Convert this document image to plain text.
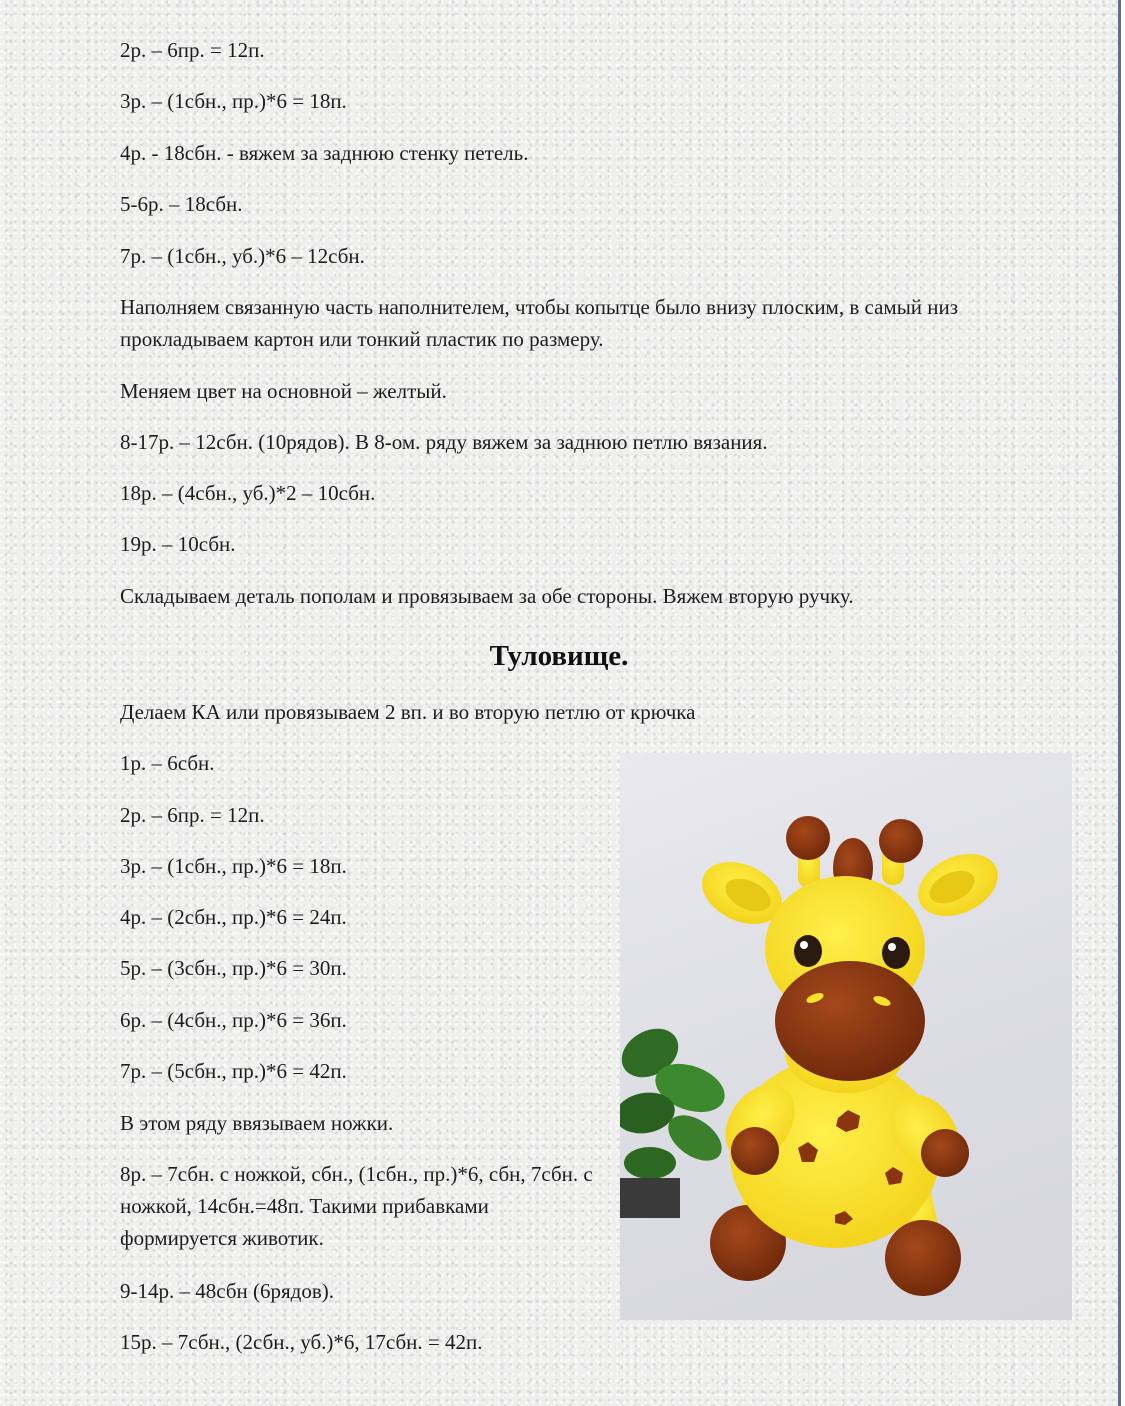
2р. – 6пр. = 12п.

3р. – (1сбн., пр.)*6 = 18п.

4р. - 18сбн. - вяжем за заднюю стенку петель.

5-6р. – 18сбн.

7р. – (1сбн., уб.)*6 – 12сбн.

Наполняем связанную часть наполнителем, чтобы копытце было внизу плоским, в самый низ прокладываем картон или тонкий пластик по размеру.

Меняем цвет на основной – желтый.

8-17р. – 12сбн. (10рядов). В 8-ом. ряду вяжем за заднюю петлю вязания.

18р. – (4сбн., уб.)*2 – 10сбн.

19р. – 10сбн.

Складываем деталь пополам и провязываем за обе стороны. Вяжем вторую ручку.

Туловище.

Делаем КА или провязываем 2 вп. и во вторую петлю от крючка

1р. – 6сбн.

2р. – 6пр. = 12п.

3р. – (1сбн., пр.)*6 = 18п.

4р. – (2сбн., пр.)*6 = 24п.

5р. – (3сбн., пр.)*6 = 30п.

6р. – (4сбн., пр.)*6 = 36п.

7р. – (5сбн., пр.)*6 = 42п.

В этом ряду ввязываем ножки.

8р. – 7сбн. с ножкой, сбн., (1сбн., пр.)*6, сбн, 7сбн. с ножкой, 14сбн.=48п. Такими прибавками формируется животик.

9-14р. – 48сбн (6рядов).

15р. – 7сбн., (2сбн., уб.)*6, 17сбн. = 42п.
